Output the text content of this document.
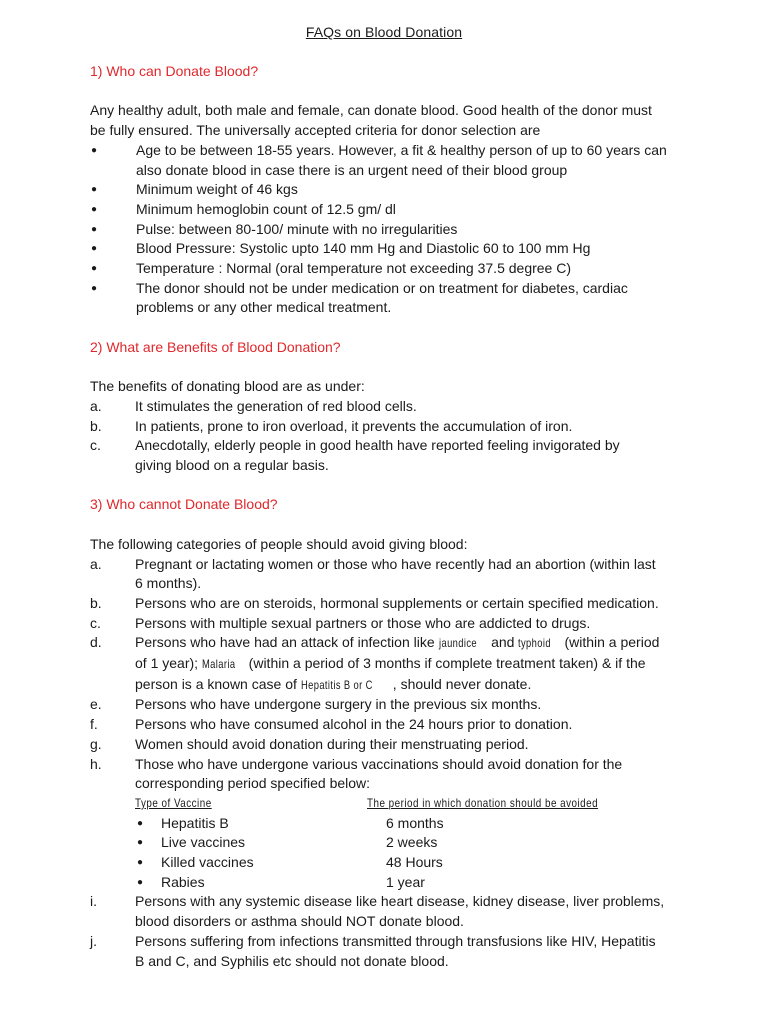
FAQs on Blood Donation

1) Who can Donate Blood?

Any healthy adult, both male and female, can donate blood. Good health of the donor must

be fully ensured. The universally accepted criteria for donor selection are

●	Age to be between 18-55 years. However, a fit & healthy person of up to 60 years can
also donate blood in case there is an urgent need of their blood group
●	Minimum weight of 46 kgs
●	Minimum hemoglobin count of 12.5 gm/ dl
●	Pulse: between 80-100/ minute with no irregularities
●	Blood Pressure: Systolic upto 140 mm Hg and Diastolic 60 to 100 mm Hg
●	Temperature : Normal (oral temperature not exceeding 37.5 degree C)
●	The donor should not be under medication or on treatment for diabetes, cardiac
problems or any other medical treatment.

2) What are Benefits of Blood Donation?

The benefits of donating blood are as under:

a.	It stimulates the generation of red blood cells.
b.	In patients, prone to iron overload, it prevents the accumulation of iron.
c.	Anecdotally, elderly people in good health have reported feeling invigorated by
giving blood on a regular basis.

3) Who cannot Donate Blood?

The following categories of people should avoid giving blood:

a.	Pregnant or lactating women or those who have recently had an abortion (within last
6 months).
b.	Persons who are on steroids, hormonal supplements or certain specified medication.
c.	Persons with multiple sexual partners or those who are addicted to drugs.
d.	Persons who have had an attack of infection like jaundice and typhoid (within a period
of 1 year); Malaria (within a period of 3 months if complete treatment taken) & if the
person is a known case of Hepatitis B or C , should never donate.
e.	Persons who have undergone surgery in the previous six months.
f.	Persons who have consumed alcohol in the 24 hours prior to donation.
g.	Women should avoid donation during their menstruating period.
h.	Those who have undergone various vaccinations should avoid donation for the
corresponding period specified below:
Type of Vaccine	The period in which donation should be avoided
●	Hepatitis B	6 months
●	Live vaccines	2 weeks
●	Killed vaccines	48 Hours
●	Rabies	1 year
i.	Persons with any systemic disease like heart disease, kidney disease, liver problems,
blood disorders or asthma should NOT donate blood.
j.	Persons suffering from infections transmitted through transfusions like HIV, Hepatitis
B and C, and Syphilis etc should not donate blood.
